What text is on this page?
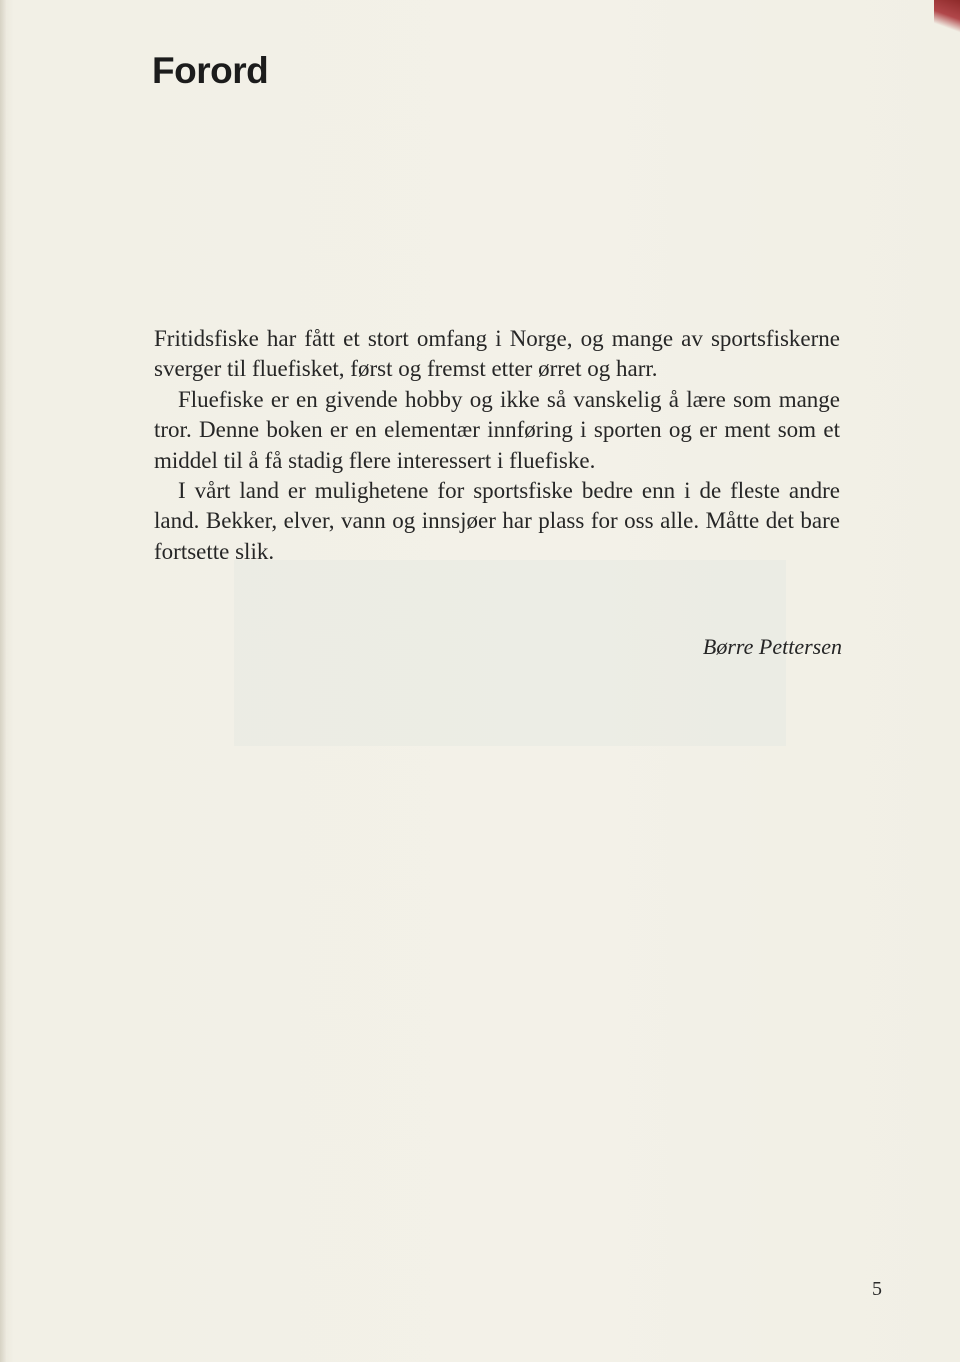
Forord

Fritidsfiske har fått et stort omfang i Norge, og mange av sportsfiskerne sverger til fluefisket, først og fremst etter ørret og harr.

Fluefiske er en givende hobby og ikke så vanskelig å lære som mange tror. Denne boken er en elementær innføring i sporten og er ment som et middel til å få stadig flere interessert i fluefiske.

I vårt land er mulighetene for sportsfiske bedre enn i de fleste andre land. Bekker, elver, vann og innsjøer har plass for oss alle. Måtte det bare fortsette slik.

Børre Pettersen

5
